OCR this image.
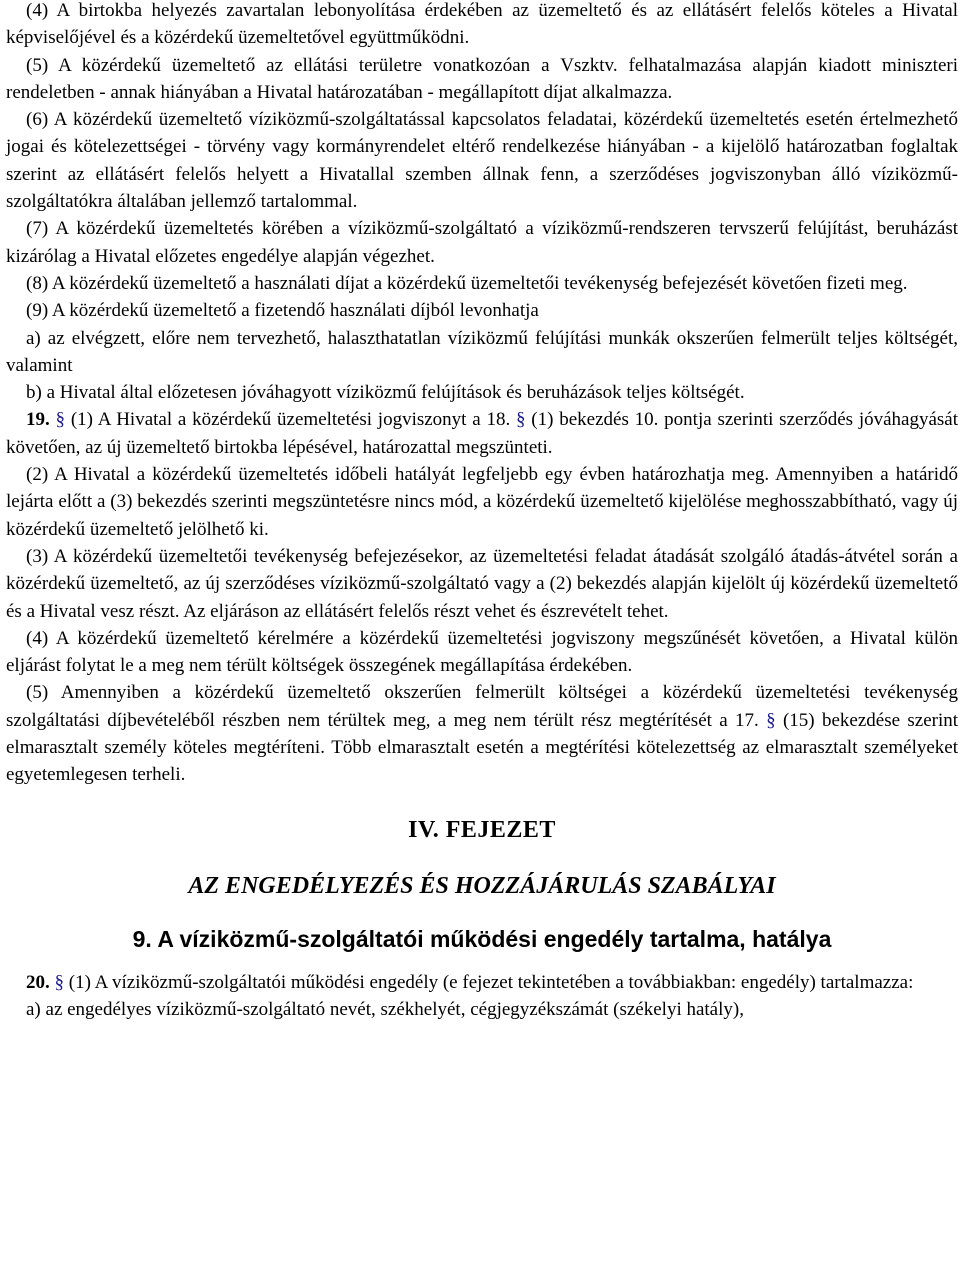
(4) A birtokba helyezés zavartalan lebonyolítása érdekében az üzemeltető és az ellátásért felelős köteles a Hivatal képviselőjével és a közérdekű üzemeltetővel együttműködni.

(5) A közérdekű üzemeltető az ellátási területre vonatkozóan a Vszktv. felhatalmazása alapján kiadott miniszteri rendeletben - annak hiányában a Hivatal határozatában - megállapított díjat alkalmazza.

(6) A közérdekű üzemeltető víziközmű-szolgáltatással kapcsolatos feladatai, közérdekű üzemeltetés esetén értelmezhető jogai és kötelezettségei - törvény vagy kormányrendelet eltérő rendelkezése hiányában - a kijelölő határozatban foglaltak szerint az ellátásért felelős helyett a Hivatallal szemben állnak fenn, a szerződéses jogviszonyban álló víziközmű-szolgáltatókra általában jellemző tartalommal.

(7) A közérdekű üzemeltetés körében a víziközmű-szolgáltató a víziközmű-rendszeren tervszerű felújítást, beruházást kizárólag a Hivatal előzetes engedélye alapján végezhet.

(8) A közérdekű üzemeltető a használati díjat a közérdekű üzemeltetői tevékenység befejezését követően fizeti meg.

(9) A közérdekű üzemeltető a fizetendő használati díjból levonhatja

a) az elvégzett, előre nem tervezhető, halaszthatatlan víziközmű felújítási munkák okszerűen felmerült teljes költségét, valamint

b) a Hivatal által előzetesen jóváhagyott víziközmű felújítások és beruházások teljes költségét.

19. § (1) A Hivatal a közérdekű üzemeltetési jogviszonyt a 18. § (1) bekezdés 10. pontja szerinti szerződés jóváhagyását követően, az új üzemeltető birtokba lépésével, határozattal megszünteti.

(2) A Hivatal a közérdekű üzemeltetés időbeli hatályát legfeljebb egy évben határozhatja meg. Amennyiben a határidő lejárta előtt a (3) bekezdés szerinti megszüntetésre nincs mód, a közérdekű üzemeltető kijelölése meghosszabbítható, vagy új közérdekű üzemeltető jelölhető ki.

(3) A közérdekű üzemeltetői tevékenység befejezésekor, az üzemeltetési feladat átadását szolgáló átadás-átvétel során a közérdekű üzemeltető, az új szerződéses víziközmű-szolgáltató vagy a (2) bekezdés alapján kijelölt új közérdekű üzemeltető és a Hivatal vesz részt. Az eljáráson az ellátásért felelős részt vehet és észrevételt tehet.

(4) A közérdekű üzemeltető kérelmére a közérdekű üzemeltetési jogviszony megszűnését követően, a Hivatal külön eljárást folytat le a meg nem térült költségek összegének megállapítása érdekében.

(5) Amennyiben a közérdekű üzemeltető okszerűen felmerült költségei a közérdekű üzemeltetési tevékenység szolgáltatási díjbevételéből részben nem térültek meg, a meg nem térült rész megtérítését a 17. § (15) bekezdése szerint elmarasztalt személy köteles megtéríteni. Több elmarasztalt esetén a megtérítési kötelezettség az elmarasztalt személyeket egyetemlegesen terheli.

IV. FEJEZET
AZ ENGEDÉLYEZÉS ÉS HOZZÁJÁRULÁS SZABÁLYAI
9. A víziközmű-szolgáltatói működési engedély tartalma, hatálya

20. § (1) A víziközmű-szolgáltatói működési engedély (e fejezet tekintetében a továbbiakban: engedély) tartalmazza:

a) az engedélyes víziközmű-szolgáltató nevét, székhelyét, cégjegyzékszámát (székelyi hatály),
